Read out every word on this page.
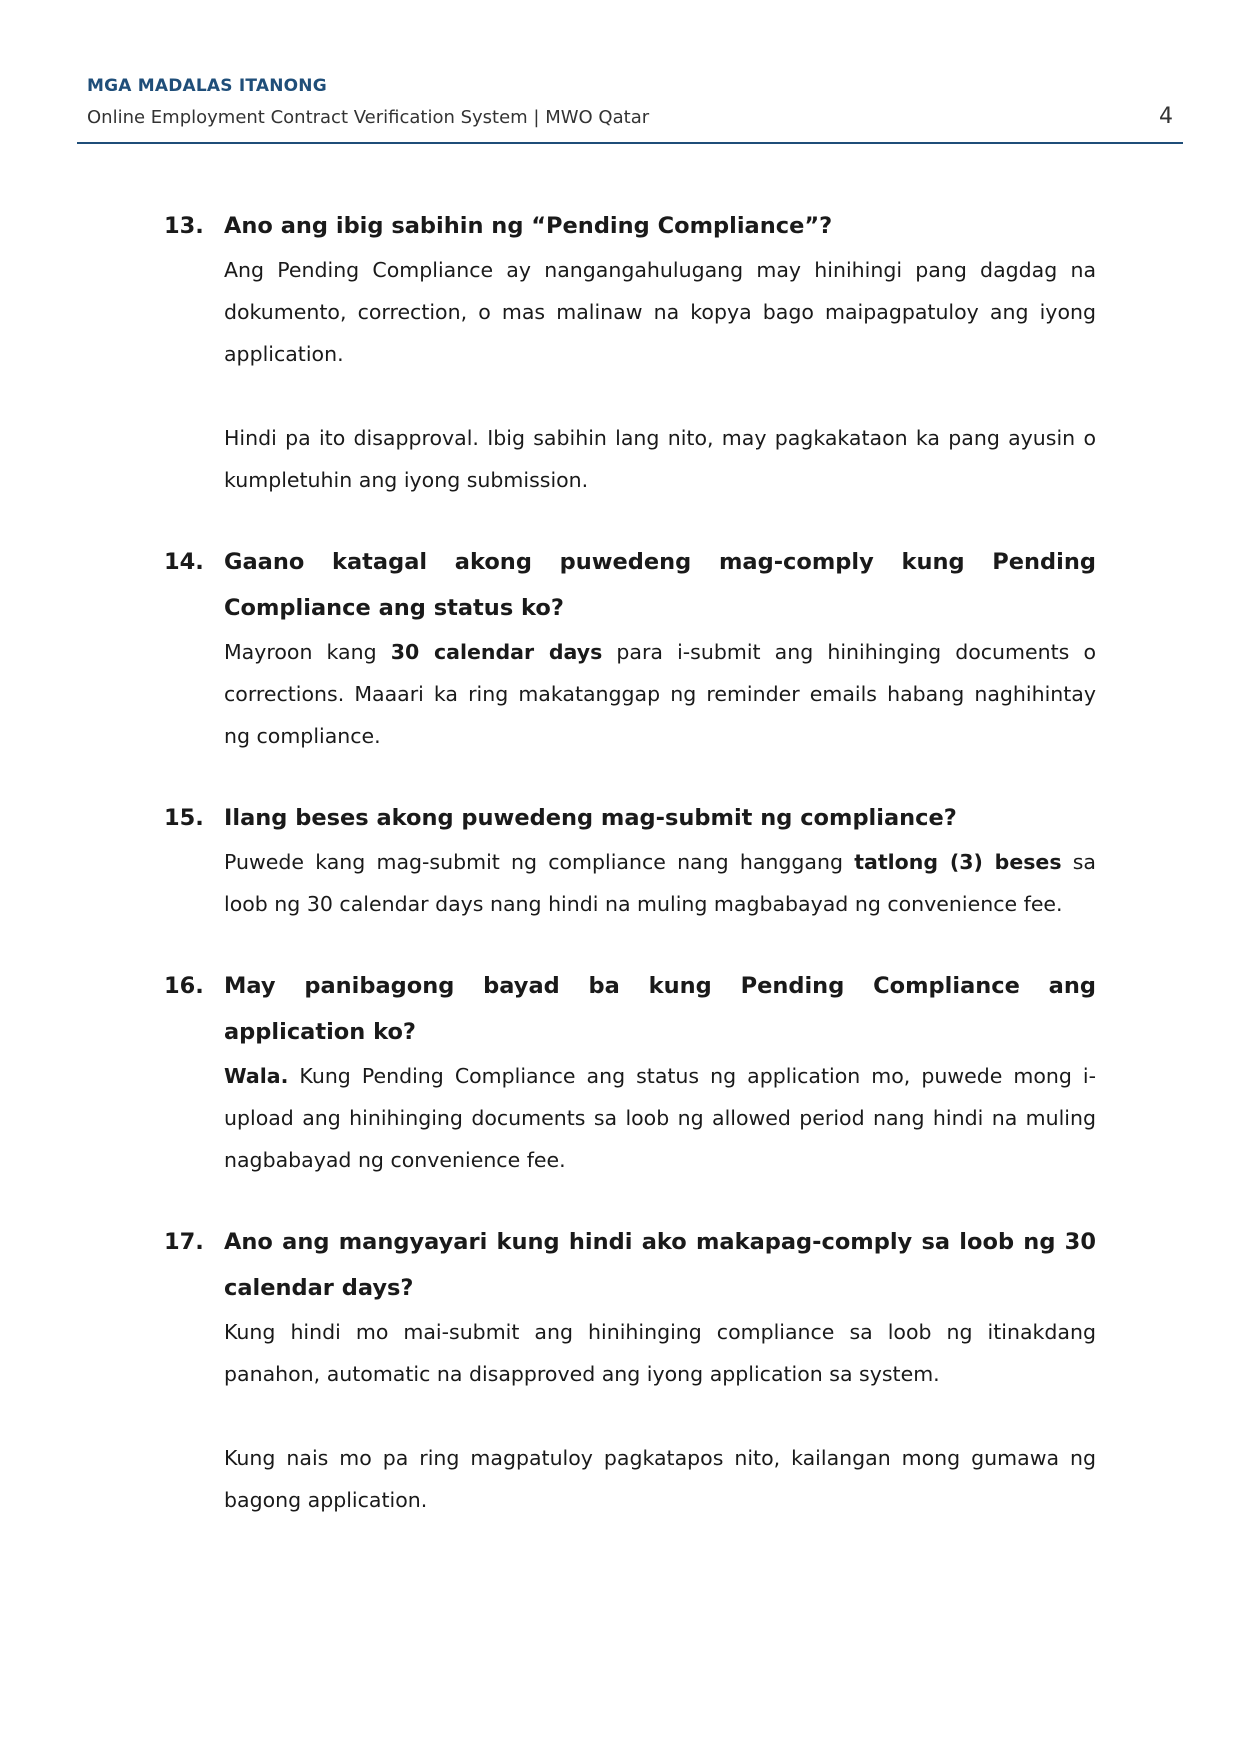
MGA MADALAS ITANONG
Online Employment Contract Verification System | MWO Qatar	4
13. Ano ang ibig sabihin ng “Pending Compliance”?

Ang Pending Compliance ay nangangahulugang may hinihingi pang dagdag na dokumento, correction, o mas malinaw na kopya bago maipagpatuloy ang iyong application.

Hindi pa ito disapproval. Ibig sabihin lang nito, may pagkakataon ka pang ayusin o kumpletuhin ang iyong submission.

14. Gaano katagal akong puwedeng mag-comply kung Pending Compliance ang status ko?

Mayroon kang 30 calendar days para i-submit ang hinihinging documents o corrections. Maaari ka ring makatanggap ng reminder emails habang naghihintay ng compliance.

15. Ilang beses akong puwedeng mag-submit ng compliance?

Puwede kang mag-submit ng compliance nang hanggang tatlong (3) beses sa loob ng 30 calendar days nang hindi na muling magbabayad ng convenience fee.

16. May panibagong bayad ba kung Pending Compliance ang application ko?

Wala. Kung Pending Compliance ang status ng application mo, puwede mong i-upload ang hinihinging documents sa loob ng allowed period nang hindi na muling nagbabayad ng convenience fee.

17. Ano ang mangyayari kung hindi ako makapag-comply sa loob ng 30 calendar days?

Kung hindi mo mai-submit ang hinihinging compliance sa loob ng itinakdang panahon, automatic na disapproved ang iyong application sa system.

Kung nais mo pa ring magpatuloy pagkatapos nito, kailangan mong gumawa ng bagong application.
